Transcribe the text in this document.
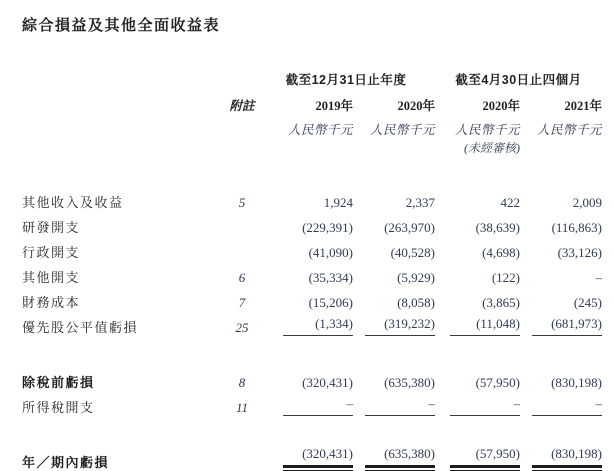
綜合損益及其他全面收益表
		截至12月31日止年度		截至4月30日止四個月	
	附註	2019年	2020年	2020年	2021年
		人民幣千元	人民幣千元	人民幣千元	人民幣千元
				(未經審核)	

其他收入及收益	5	1,924	2,337	422	2,009
研發開支		(229,391)	(263,970)	(38,639)	(116,863)
行政開支		(41,090)	(40,528)	(4,698)	(33,126)
其他開支	6	(35,334)	(5,929)	(122)	–
財務成本	7	(15,206)	(8,058)	(3,865)	(245)
優先股公平值虧損	25	(1,334)	(319,232)	(11,048)	(681,973)

除稅前虧損	8	(320,431)	(635,380)	(57,950)	(830,198)
所得稅開支	11	–	–	–	–

年／期內虧損		(320,431)	(635,380)	(57,950)	(830,198)
